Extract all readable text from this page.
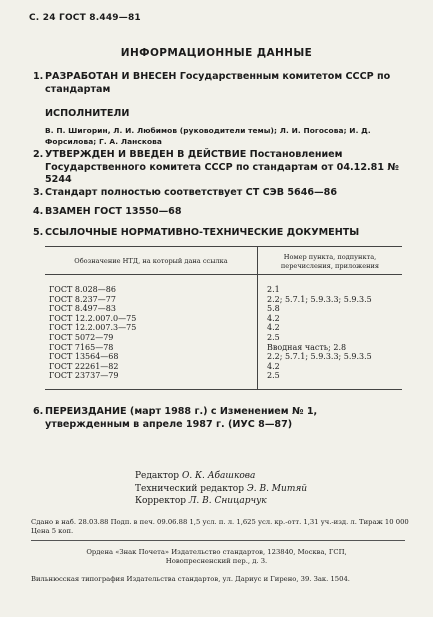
С. 24 ГОСТ 8.449—81
ИНФОРМАЦИОННЫЕ ДАННЫЕ
1. РАЗРАБОТАН И ВНЕСЕН Государственным комитетом СССР по стандартам
ИСПОЛНИТЕЛИ
В. П. Шигорин, Л. И. Любимов (руководители темы); Л. И. Погосова; И. Д. Форсилова; Г. А. Ланскова
2. УТВЕРЖДЕН И ВВЕДЕН В ДЕЙСТВИЕ Постановлением Государственного комитета СССР по стандартам от 04.12.81 № 5244
3. Стандарт полностью соответствует СТ СЭВ 5646—86
4. ВЗАМЕН ГОСТ 13550—68
5. ССЫЛОЧНЫЕ НОРМАТИВНО-ТЕХНИЧЕСКИЕ ДОКУМЕНТЫ
Обозначение НТД, на который дана ссылка	Номер пункта, подпункта, перечисления, приложения

ГОСТ 8.028—86	2.1
ГОСТ 8.237—77	2.2; 5.7.1; 5.9.3.3; 5.9.3.5
ГОСТ 8.497—83	5.8
ГОСТ 12.2.007.0—75	4.2
ГОСТ 12.2.007.3—75	4.2
ГОСТ 5072—79	2.5
ГОСТ 7165—78	Вводная часть; 2.8
ГОСТ 13564—68	2.2; 5.7.1; 5.9.3.3; 5.9.3.5
ГОСТ 22261—82	4.2
ГОСТ 23737—79	2.5
6. ПЕРЕИЗДАНИЕ (март 1988 г.) с Изменением № 1, утвержденным в апреле 1987 г. (ИУС 8—87)
Редактор О. К. Абашкова
Технический редактор Э. В. Митяй
Корректор Л. В. Сницарчук
Сдано в наб. 28.03.88 Подп. в печ. 09.06.88 1,5 усл. п. л. 1,625 усл. кр.-отт. 1,31 уч.-изд. л. Тираж 10 000 Цена 5 коп.
Ордена «Знак Почета» Издательство стандартов, 123840, Москва, ГСП,
Новопресненский пер., д. 3.
Вильнюсская типография Издательства стандартов, ул. Дариус и Гирено, 39. Зак. 1504.
